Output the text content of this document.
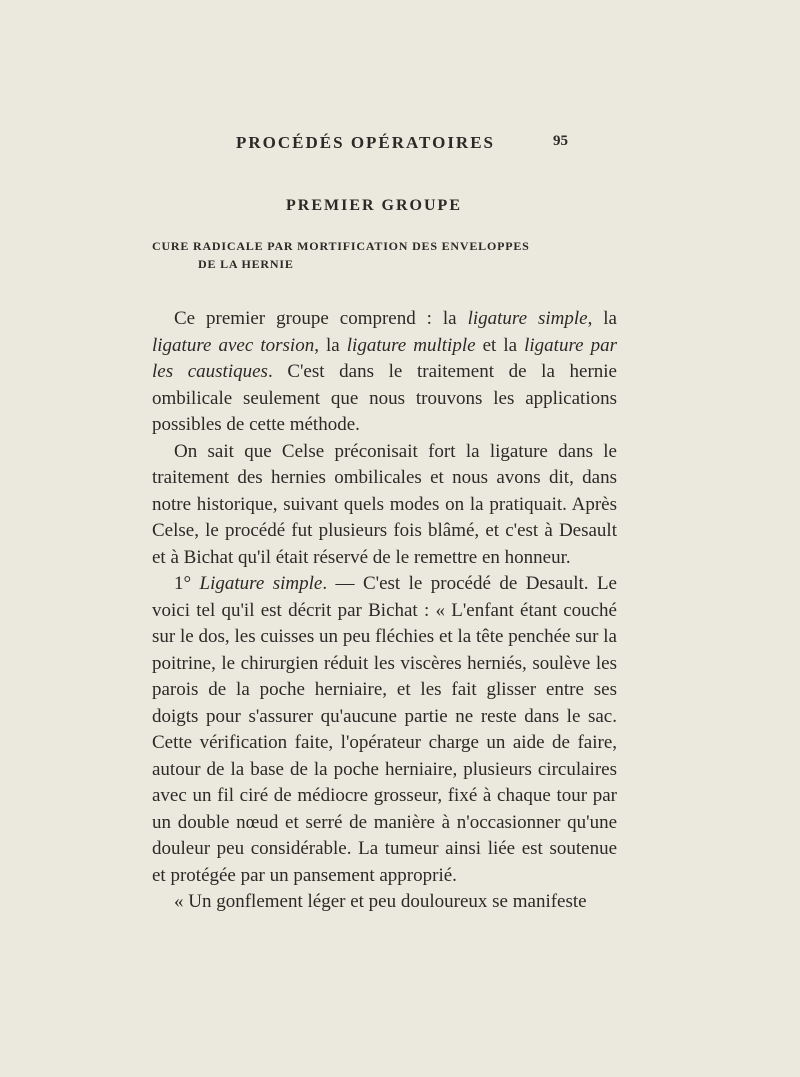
PROCÉDÉS OPÉRATOIRES	95
PREMIER GROUPE
CURE RADICALE PAR MORTIFICATION DES ENVELOPPES
DE LA HERNIE

Ce premier groupe comprend : la ligature simple, la ligature avec torsion, la ligature multiple et la ligature par les caustiques. C'est dans le traitement de la hernie ombilicale seulement que nous trouvons les applications possibles de cette méthode.

On sait que Celse préconisait fort la ligature dans le traitement des hernies ombilicales et nous avons dit, dans notre historique, suivant quels modes on la pratiquait. Après Celse, le procédé fut plusieurs fois blâmé, et c'est à Desault et à Bichat qu'il était réservé de le remettre en honneur.

1° Ligature simple. — C'est le procédé de Desault. Le voici tel qu'il est décrit par Bichat : « L'enfant étant couché sur le dos, les cuisses un peu fléchies et la tête penchée sur la poitrine, le chirurgien réduit les viscères herniés, soulève les parois de la poche herniaire, et les fait glisser entre ses doigts pour s'assurer qu'aucune partie ne reste dans le sac. Cette vérification faite, l'opérateur charge un aide de faire, autour de la base de la poche herniaire, plusieurs circulaires avec un fil ciré de médiocre grosseur, fixé à chaque tour par un double nœud et serré de manière à n'occasionner qu'une douleur peu considérable. La tumeur ainsi liée est soutenue et protégée par un pansement approprié.

« Un gonflement léger et peu douloureux se manifeste
